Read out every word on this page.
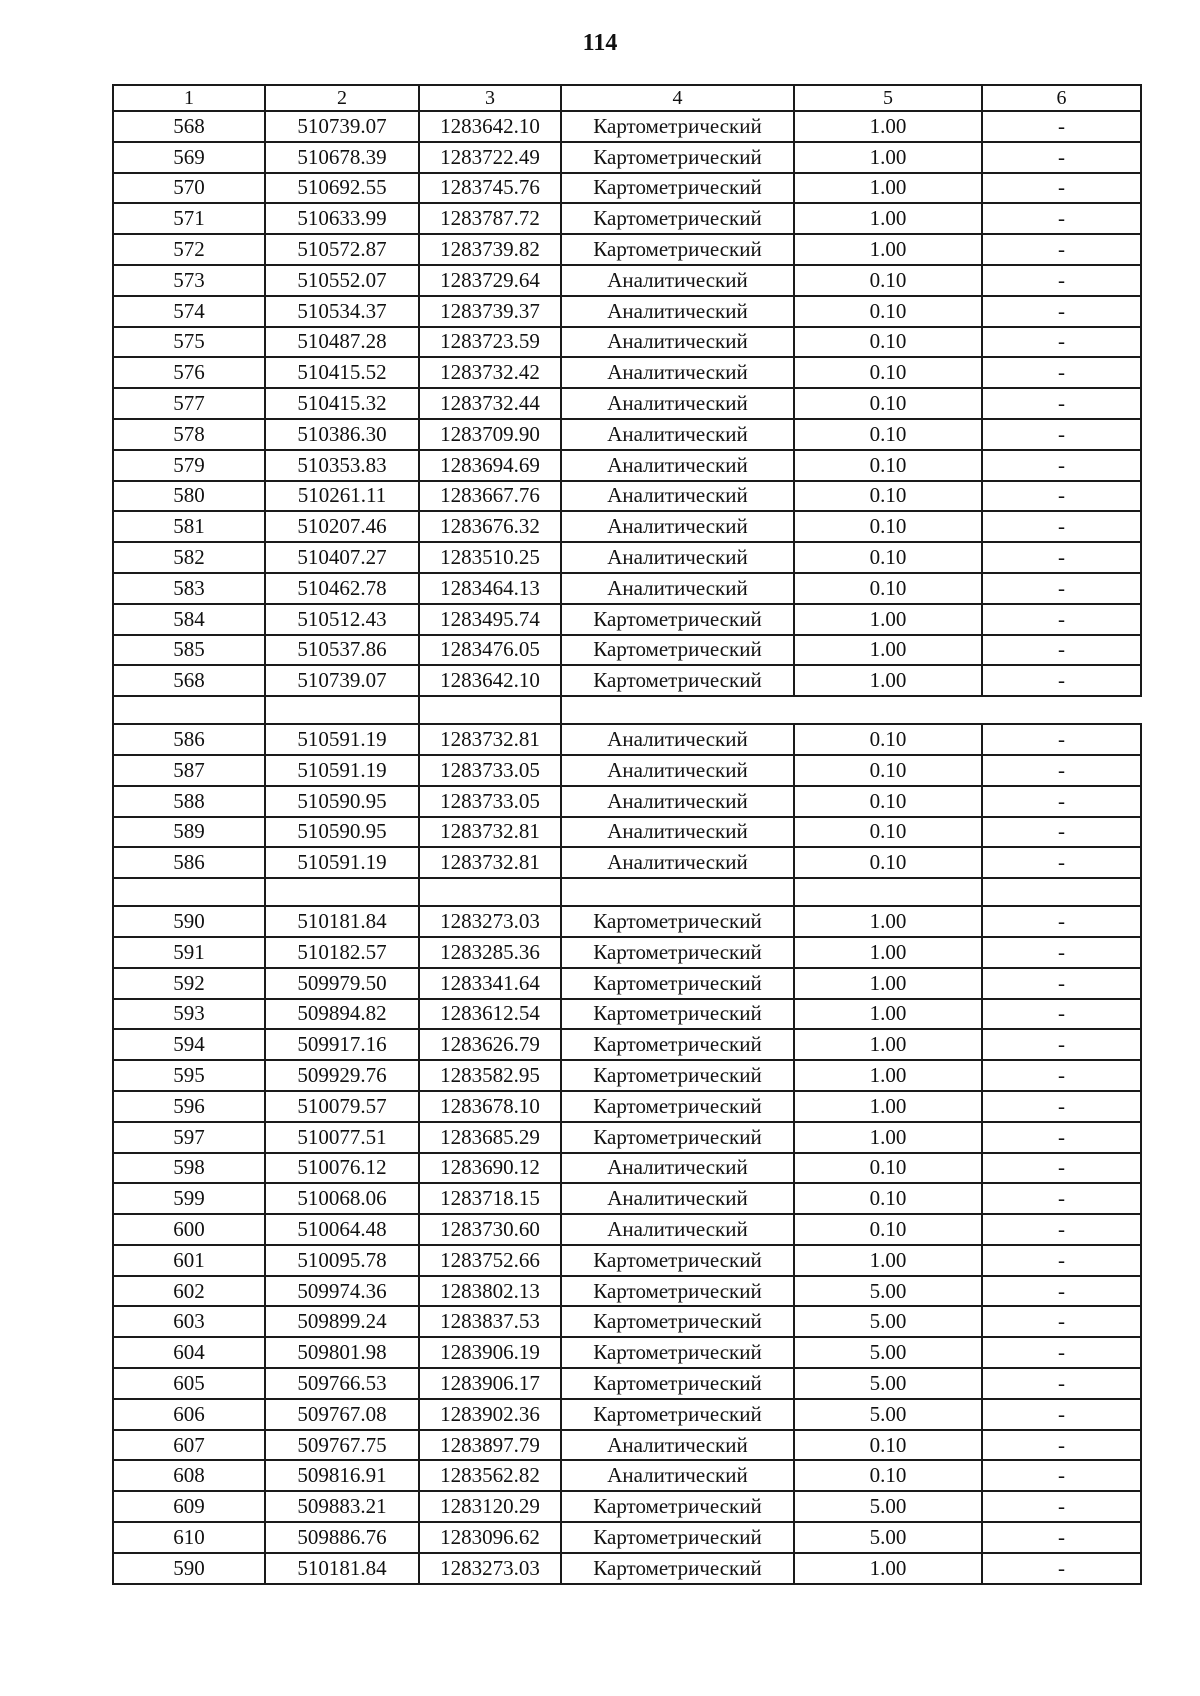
114
1	2	3	4	5	6
568	510739.07	1283642.10	Картометрический	1.00	-
569	510678.39	1283722.49	Картометрический	1.00	-
570	510692.55	1283745.76	Картометрический	1.00	-
571	510633.99	1283787.72	Картометрический	1.00	-
572	510572.87	1283739.82	Картометрический	1.00	-
573	510552.07	1283729.64	Аналитический	0.10	-
574	510534.37	1283739.37	Аналитический	0.10	-
575	510487.28	1283723.59	Аналитический	0.10	-
576	510415.52	1283732.42	Аналитический	0.10	-
577	510415.32	1283732.44	Аналитический	0.10	-
578	510386.30	1283709.90	Аналитический	0.10	-
579	510353.83	1283694.69	Аналитический	0.10	-
580	510261.11	1283667.76	Аналитический	0.10	-
581	510207.46	1283676.32	Аналитический	0.10	-
582	510407.27	1283510.25	Аналитический	0.10	-
583	510462.78	1283464.13	Аналитический	0.10	-
584	510512.43	1283495.74	Картометрический	1.00	-
585	510537.86	1283476.05	Картометрический	1.00	-
568	510739.07	1283642.10	Картометрический	1.00	-

586	510591.19	1283732.81	Аналитический	0.10	-
587	510591.19	1283733.05	Аналитический	0.10	-
588	510590.95	1283733.05	Аналитический	0.10	-
589	510590.95	1283732.81	Аналитический	0.10	-
586	510591.19	1283732.81	Аналитический	0.10	-

590	510181.84	1283273.03	Картометрический	1.00	-
591	510182.57	1283285.36	Картометрический	1.00	-
592	509979.50	1283341.64	Картометрический	1.00	-
593	509894.82	1283612.54	Картометрический	1.00	-
594	509917.16	1283626.79	Картометрический	1.00	-
595	509929.76	1283582.95	Картометрический	1.00	-
596	510079.57	1283678.10	Картометрический	1.00	-
597	510077.51	1283685.29	Картометрический	1.00	-
598	510076.12	1283690.12	Аналитический	0.10	-
599	510068.06	1283718.15	Аналитический	0.10	-
600	510064.48	1283730.60	Аналитический	0.10	-
601	510095.78	1283752.66	Картометрический	1.00	-
602	509974.36	1283802.13	Картометрический	5.00	-
603	509899.24	1283837.53	Картометрический	5.00	-
604	509801.98	1283906.19	Картометрический	5.00	-
605	509766.53	1283906.17	Картометрический	5.00	-
606	509767.08	1283902.36	Картометрический	5.00	-
607	509767.75	1283897.79	Аналитический	0.10	-
608	509816.91	1283562.82	Аналитический	0.10	-
609	509883.21	1283120.29	Картометрический	5.00	-
610	509886.76	1283096.62	Картометрический	5.00	-
590	510181.84	1283273.03	Картометрический	1.00	-
